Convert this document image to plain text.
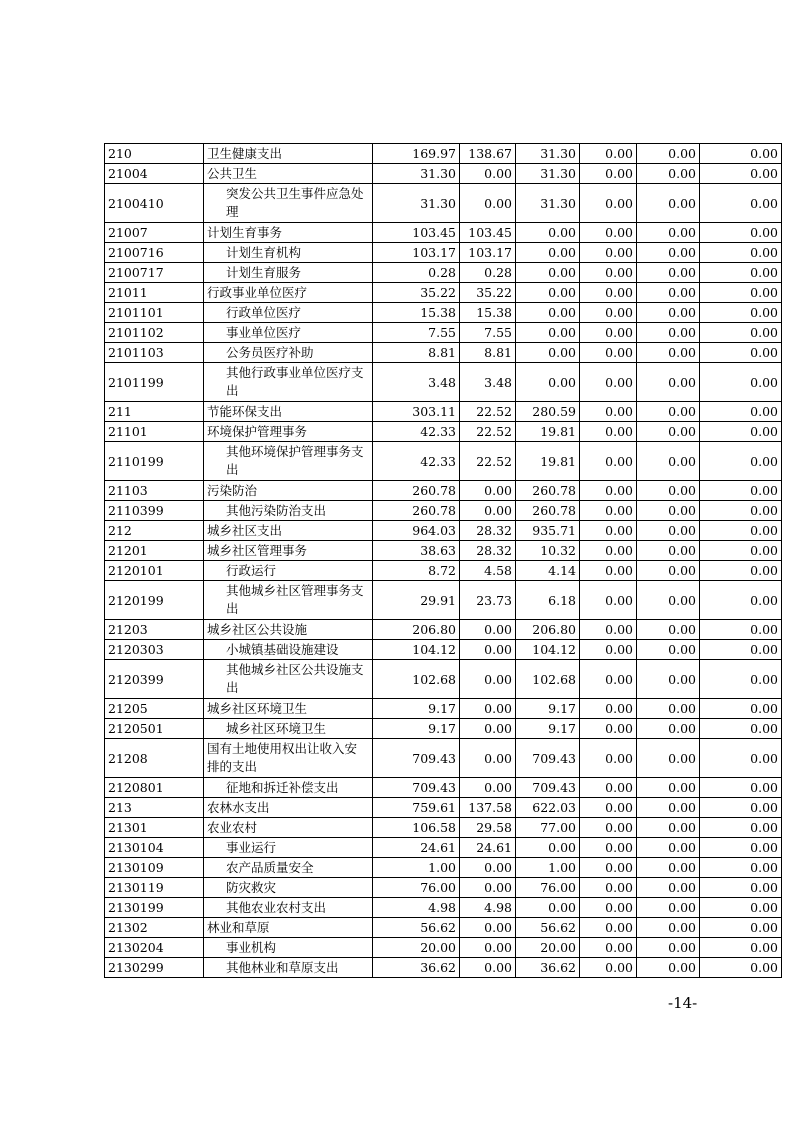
210	卫生健康支出	169.97	138.67	31.30	0.00	0.00	0.00
21004	公共卫生	31.30	0.00	31.30	0.00	0.00	0.00
2100410	突发公共卫生事件应急处理	31.30	0.00	31.30	0.00	0.00	0.00
21007	计划生育事务	103.45	103.45	0.00	0.00	0.00	0.00
2100716	计划生育机构	103.17	103.17	0.00	0.00	0.00	0.00
2100717	计划生育服务	0.28	0.28	0.00	0.00	0.00	0.00
21011	行政事业单位医疗	35.22	35.22	0.00	0.00	0.00	0.00
2101101	行政单位医疗	15.38	15.38	0.00	0.00	0.00	0.00
2101102	事业单位医疗	7.55	7.55	0.00	0.00	0.00	0.00
2101103	公务员医疗补助	8.81	8.81	0.00	0.00	0.00	0.00
2101199	其他行政事业单位医疗支出	3.48	3.48	0.00	0.00	0.00	0.00
211	节能环保支出	303.11	22.52	280.59	0.00	0.00	0.00
21101	环境保护管理事务	42.33	22.52	19.81	0.00	0.00	0.00
2110199	其他环境保护管理事务支出	42.33	22.52	19.81	0.00	0.00	0.00
21103	污染防治	260.78	0.00	260.78	0.00	0.00	0.00
2110399	其他污染防治支出	260.78	0.00	260.78	0.00	0.00	0.00
212	城乡社区支出	964.03	28.32	935.71	0.00	0.00	0.00
21201	城乡社区管理事务	38.63	28.32	10.32	0.00	0.00	0.00
2120101	行政运行	8.72	4.58	4.14	0.00	0.00	0.00
2120199	其他城乡社区管理事务支出	29.91	23.73	6.18	0.00	0.00	0.00
21203	城乡社区公共设施	206.80	0.00	206.80	0.00	0.00	0.00
2120303	小城镇基础设施建设	104.12	0.00	104.12	0.00	0.00	0.00
2120399	其他城乡社区公共设施支出	102.68	0.00	102.68	0.00	0.00	0.00
21205	城乡社区环境卫生	9.17	0.00	9.17	0.00	0.00	0.00
2120501	城乡社区环境卫生	9.17	0.00	9.17	0.00	0.00	0.00
21208	国有土地使用权出让收入安排的支出	709.43	0.00	709.43	0.00	0.00	0.00
2120801	征地和拆迁补偿支出	709.43	0.00	709.43	0.00	0.00	0.00
213	农林水支出	759.61	137.58	622.03	0.00	0.00	0.00
21301	农业农村	106.58	29.58	77.00	0.00	0.00	0.00
2130104	事业运行	24.61	24.61	0.00	0.00	0.00	0.00
2130109	农产品质量安全	1.00	0.00	1.00	0.00	0.00	0.00
2130119	防灾救灾	76.00	0.00	76.00	0.00	0.00	0.00
2130199	其他农业农村支出	4.98	4.98	0.00	0.00	0.00	0.00
21302	林业和草原	56.62	0.00	56.62	0.00	0.00	0.00
2130204	事业机构	20.00	0.00	20.00	0.00	0.00	0.00
2130299	其他林业和草原支出	36.62	0.00	36.62	0.00	0.00	0.00
-14-
